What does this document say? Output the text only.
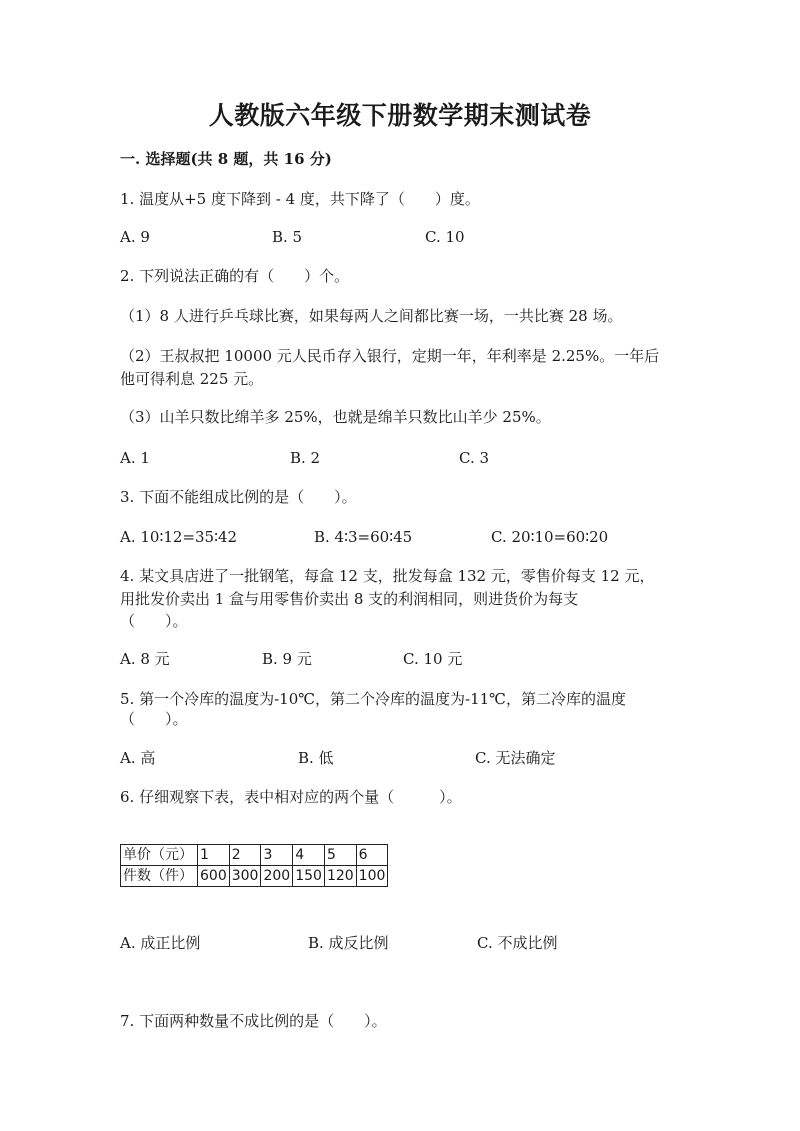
人教版六年级下册数学期末测试卷
一. 选择题(共 8 题，共 16 分)
1. 温度从+5 度下降到 - 4 度，共下降了（　　）度。
A. 9	B. 5	C. 10
2. 下列说法正确的有（　　）个。
（1）8 人进行乒乓球比赛，如果每两人之间都比赛一场，一共比赛 28 场。
（2）王叔叔把 10000 元人民币存入银行，定期一年，年利率是 2.25%。一年后
他可得利息 225 元。
（3）山羊只数比绵羊多 25%，也就是绵羊只数比山羊少 25%。
A. 1	B. 2	C. 3
3. 下面不能组成比例的是（　　）。
A. 10∶12=35∶42	B. 4∶3=60∶45	C. 20∶10=60∶20
4. 某文具店进了一批钢笔，每盒 12 支，批发每盒 132 元，零售价每支 12 元，
用批发价卖出 1 盒与用零售价卖出 8 支的利润相同，则进货价为每支
（　　）。
A. 8 元	B. 9 元	C. 10 元
5. 第一个冷库的温度为-10℃，第二个冷库的温度为-11℃，第二冷库的温度
（　　）。
A. 高	B. 低	C. 无法确定
6. 仔细观察下表，表中相对应的两个量（　　　）。
单价（元）	1	2	3	4	5	6
件数（件）	600	300	200	150	120	100
A. 成正比例	B. 成反比例	C. 不成比例
7. 下面两种数量不成比例的是（　　）。
